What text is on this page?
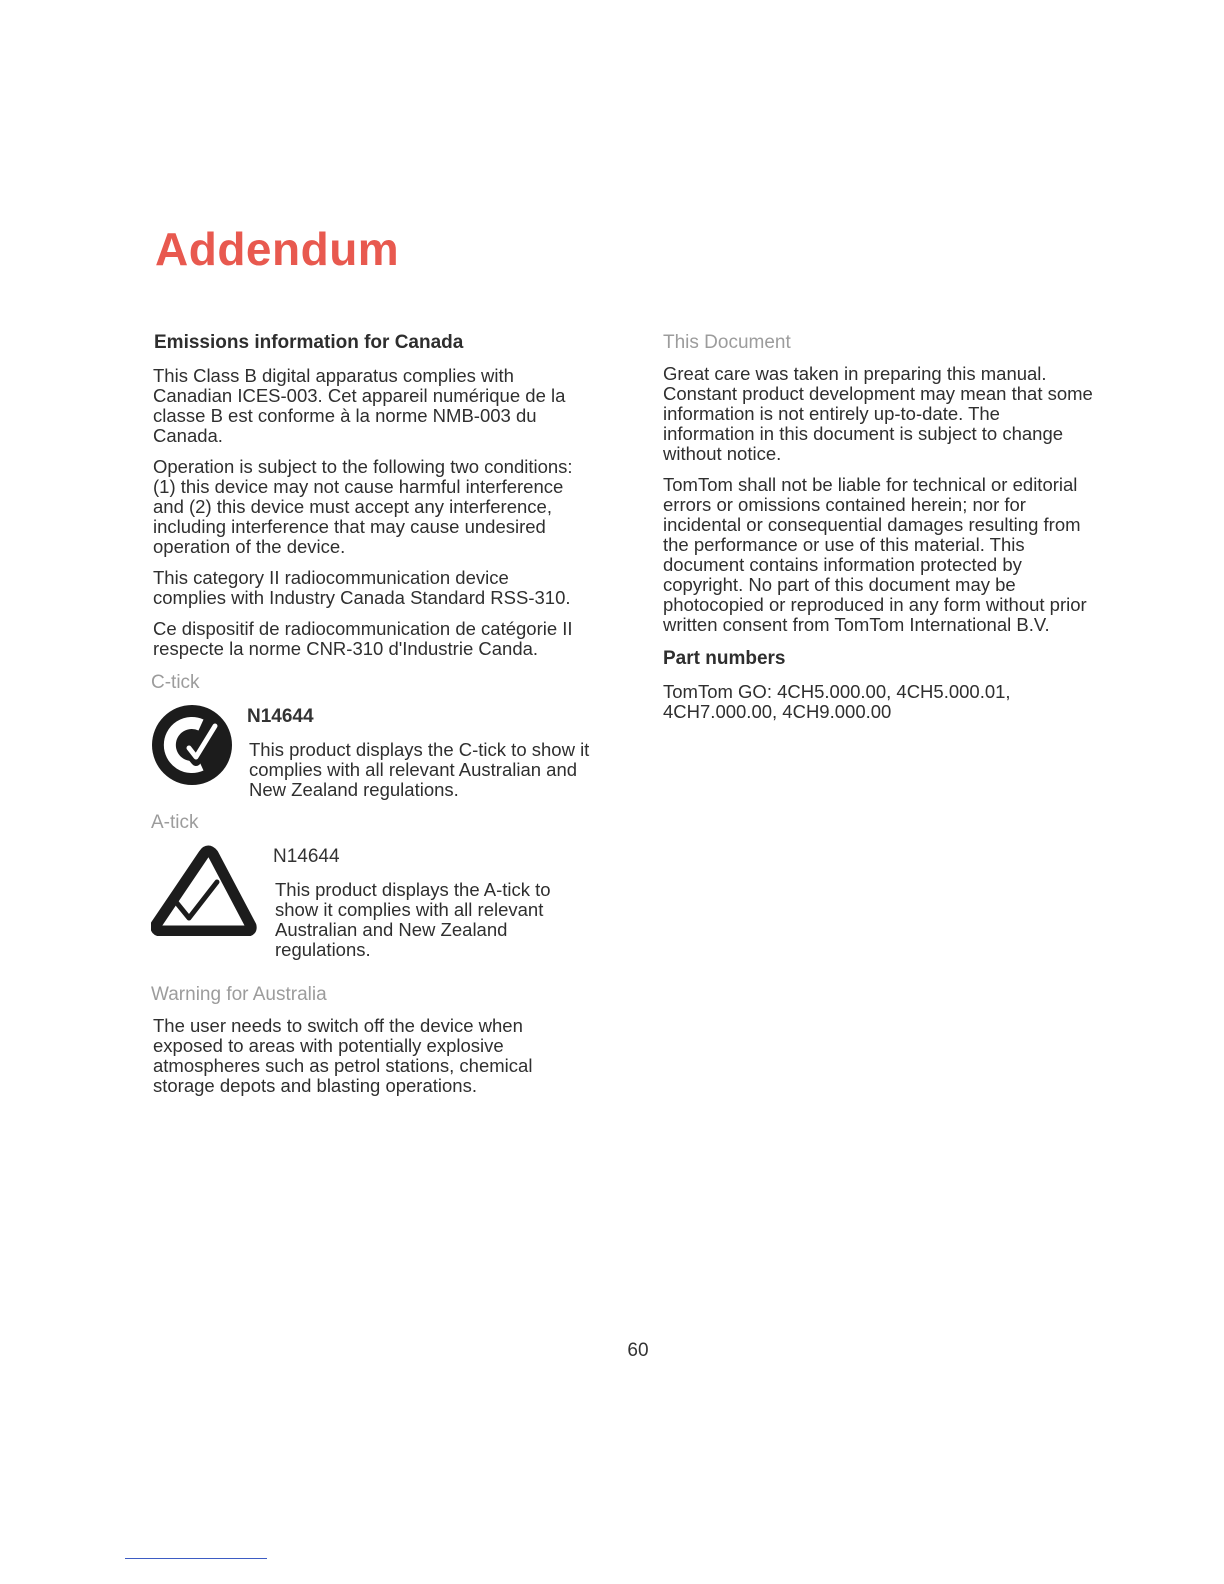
Addendum
Emissions information for Canada

This Class B digital apparatus complies with
Canadian ICES-003. Cet appareil numérique de la
classe B est conforme à la norme NMB-003 du
Canada.

Operation is subject to the following two conditions:
(1) this device may not cause harmful interference
and (2) this device must accept any interference,
including interference that may cause undesired
operation of the device.

This category II radiocommunication device
complies with Industry Canada Standard RSS-310.

Ce dispositif de radiocommunication de catégorie II
respecte la norme CNR-310 d'Industrie Canda.

C-tick
N14644

This product displays the C-tick to show it
complies with all relevant Australian and
New Zealand regulations.

A-tick
N14644

This product displays the A-tick to
show it complies with all relevant
Australian and New Zealand
regulations.

Warning for Australia

The user needs to switch off the device when
exposed to areas with potentially explosive
atmospheres such as petrol stations, chemical
storage depots and blasting operations.

This Document

Great care was taken in preparing this manual.
Constant product development may mean that some
information is not entirely up-to-date. The
information in this document is subject to change
without notice.

TomTom shall not be liable for technical or editorial
errors or omissions contained herein; nor for
incidental or consequential damages resulting from
the performance or use of this material. This
document contains information protected by
copyright. No part of this document may be
photocopied or reproduced in any form without prior
written consent from TomTom International B.V.

Part numbers

TomTom GO: 4CH5.000.00, 4CH5.000.01,
4CH7.000.00, 4CH9.000.00

60
